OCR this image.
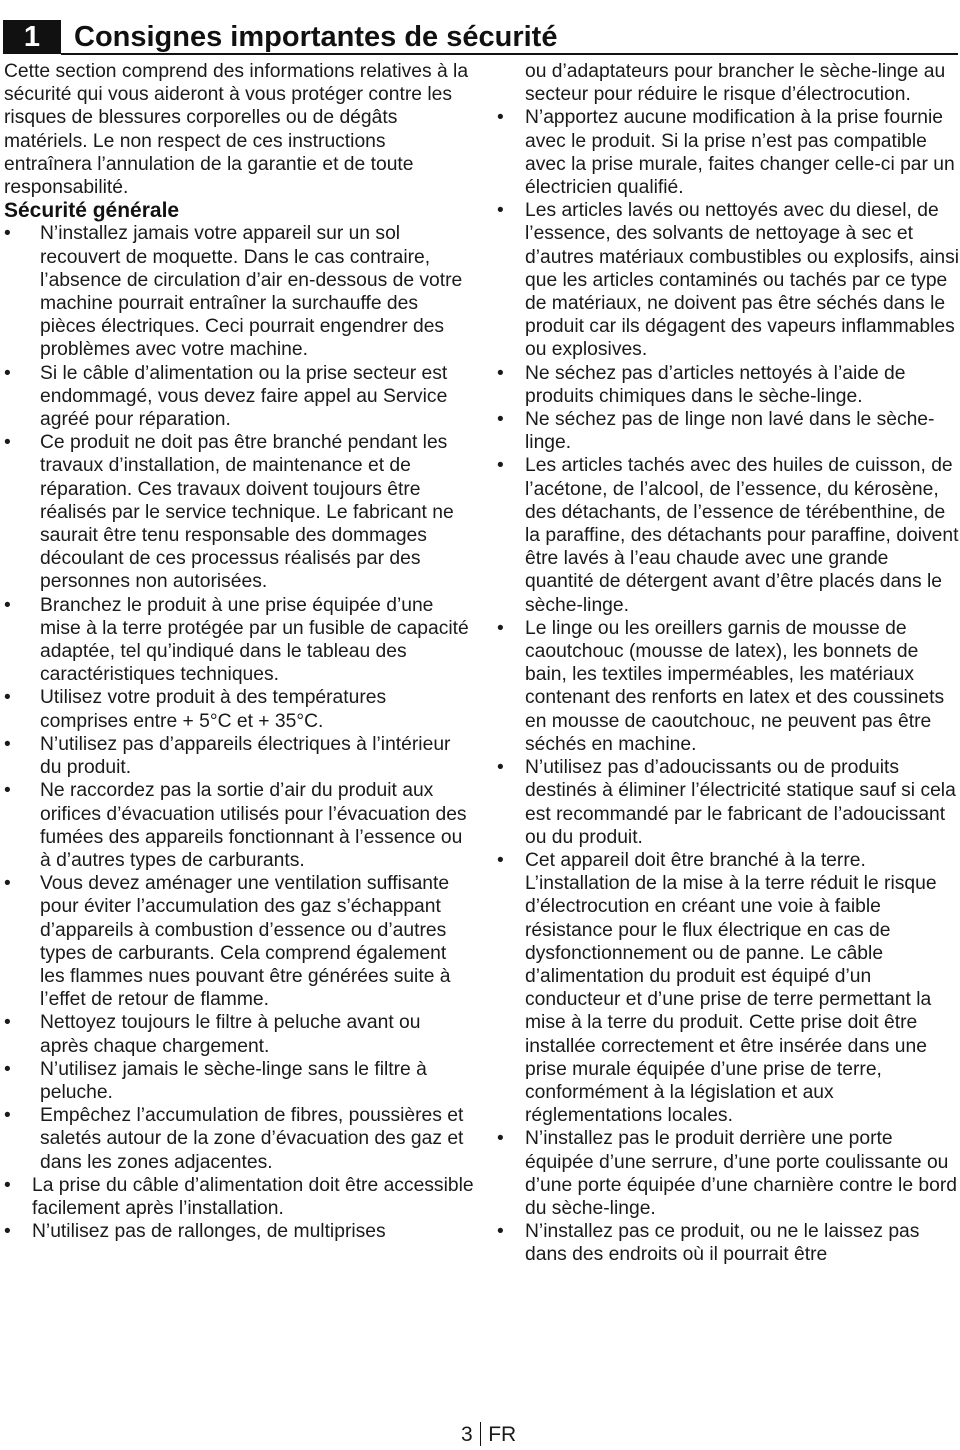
1	Consignes importantes de sécurité

Cette section comprend des informations relatives à la sécurité qui vous aideront à vous protéger contre les risques de blessures corporelles ou de dégâts matériels. Le non respect de ces instructions entraînera l’annulation de la garantie et de toute responsabilité.

Sécurité générale
• N’installez jamais votre appareil sur un sol recouvert de moquette. Dans le cas contraire, l’absence de circulation d’air en-dessous de votre machine pourrait entraîner la surchauffe des pièces électriques. Ceci pourrait engendrer des problèmes avec votre machine.
• Si le câble d’alimentation ou la prise secteur est endommagé, vous devez faire appel au Service agréé pour réparation.
• Ce produit ne doit pas être branché pendant les travaux d’installation, de maintenance et de réparation. Ces travaux doivent toujours être réalisés par le service technique. Le fabricant ne saurait être tenu responsable des dommages découlant de ces processus réalisés par des personnes non autorisées.
• Branchez le produit à une prise équipée d’une mise à la terre protégée par un fusible de capacité adaptée, tel qu’indiqué dans le tableau des caractéristiques techniques.
• Utilisez votre produit à des températures comprises entre + 5°C et + 35°C.
• N’utilisez pas d’appareils électriques à l’intérieur du produit.
• Ne raccordez pas la sortie d’air du produit aux orifices d’évacuation utilisés pour l’évacuation des fumées des appareils fonctionnant à l’essence ou à d’autres types de carburants.
• Vous devez aménager une ventilation suffisante pour éviter l’accumulation des gaz s’échappant d’appareils à combustion d’essence ou d’autres types de carburants. Cela comprend également les flammes nues pouvant être générées suite à l’effet de retour de flamme.
• Nettoyez toujours le filtre à peluche avant ou après chaque chargement.
• N’utilisez jamais le sèche-linge sans le filtre à peluche.
• Empêchez l’accumulation de fibres, poussières et saletés autour de la zone d’évacuation des gaz et dans les zones adjacentes.
• La prise du câble d’alimentation doit être accessible facilement après l’installation.
• N’utilisez pas de rallonges, de multiprises

ou d’adaptateurs pour brancher le sèche-linge au secteur pour réduire le risque d’électrocution.

• N’apportez aucune modification à la prise fournie avec le produit. Si la prise n’est pas compatible avec la prise murale, faites changer celle-ci par un électricien qualifié.
• Les articles lavés ou nettoyés avec du diesel, de l’essence, des solvants de nettoyage à sec et d’autres matériaux combustibles ou explosifs, ainsi que les articles contaminés ou tachés par ce type de matériaux, ne doivent pas être séchés dans le produit car ils dégagent des vapeurs inflammables ou explosives.
• Ne séchez pas d’articles nettoyés à l’aide de produits chimiques dans le sèche-linge.
• Ne séchez pas de linge non lavé dans le sèche-linge.
• Les articles tachés avec des huiles de cuisson, de l’acétone, de l’alcool, de l’essence, du kérosène, des détachants, de l’essence de térébenthine, de la paraffine, des détachants pour paraffine, doivent être lavés à l’eau chaude avec une grande quantité de détergent avant d’être placés dans le sèche-linge.
• Le linge ou les oreillers garnis de mousse de caoutchouc (mousse de latex), les bonnets de bain, les textiles imperméables, les matériaux contenant des renforts en latex et des coussinets en mousse de caoutchouc, ne peuvent pas être séchés en machine.
• N’utilisez pas d’adoucissants ou de produits destinés à éliminer l’électricité statique sauf si cela est recommandé par le fabricant de l’adoucissant ou du produit.
• Cet appareil doit être branché à la terre. L’installation de la mise à la terre réduit le risque d’électrocution en créant une voie à faible résistance pour le flux électrique en cas de dysfonctionnement ou de panne. Le câble d’alimentation du produit est équipé d’un conducteur et d’une prise de terre permettant la mise à la terre du produit. Cette prise doit être installée correctement et être insérée dans une prise murale équipée d’une prise de terre, conformément à la législation et aux réglementations locales.
• N’installez pas le produit derrière une porte équipée d’une serrure, d’une porte coulissante ou d’une porte équipée d’une charnière contre le bord du sèche-linge.
• N’installez pas ce produit, ou ne le laissez pas dans des endroits où il pourrait être
3 FR
